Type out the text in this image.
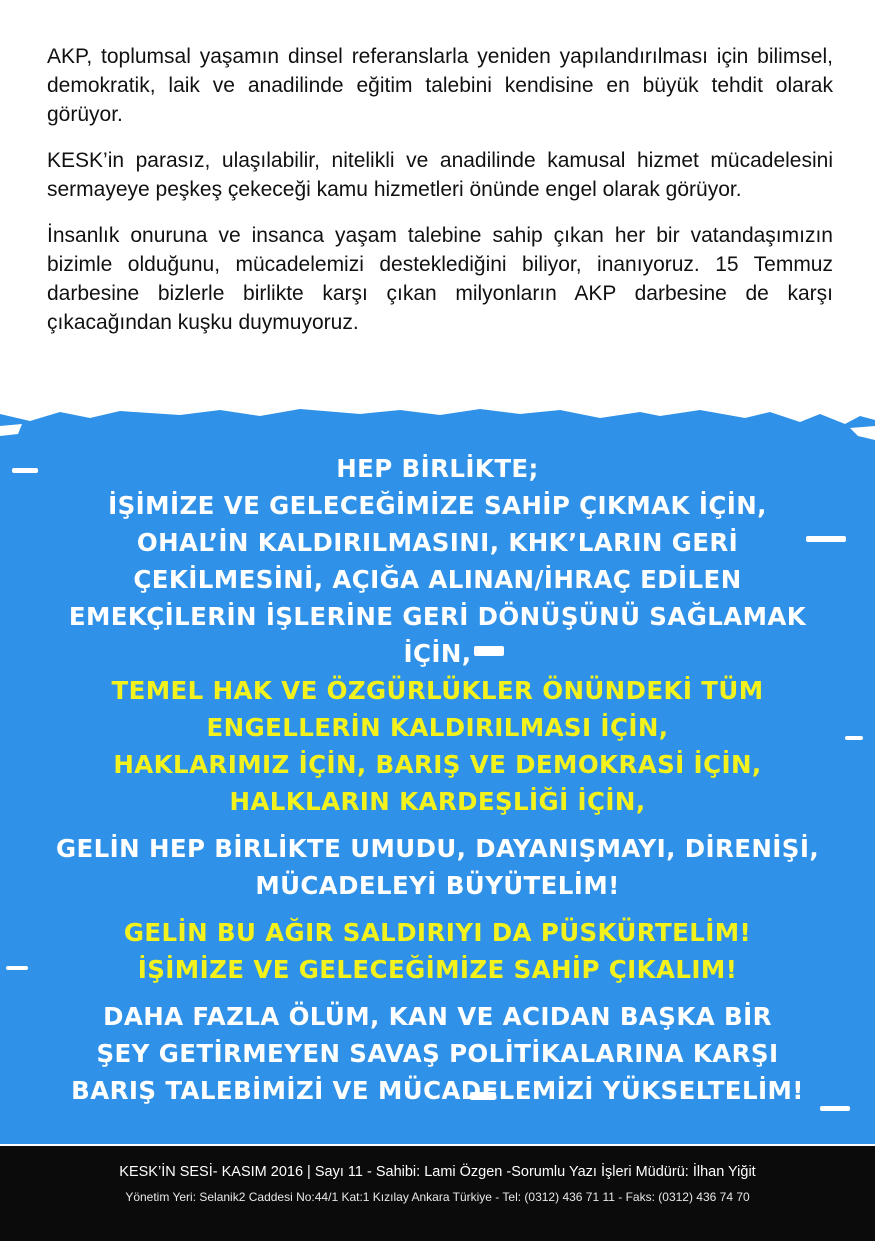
AKP, toplumsal yaşamın dinsel referanslarla yeniden yapılandırılması için bilimsel, demokratik, laik ve anadilinde eğitim talebini kendisine en büyük tehdit olarak görüyor.

KESK’in parasız, ulaşılabilir, nitelikli ve anadilinde kamusal hizmet mücadelesini sermayeye peşkeş çekeceği kamu hizmetleri önünde engel olarak görüyor.

İnsanlık onuruna ve insanca yaşam talebine sahip çıkan her bir vatandaşımızın bizimle olduğunu, mücadelemizi desteklediğini biliyor, inanıyoruz. 15 Temmuz darbesine bizlerle birlikte karşı çıkan milyonların AKP darbesine de karşı çıkacağından kuşku duymuyoruz.

HEP BİRLİKTE;
İŞİMİZE VE GELECEĞİMİZE SAHİP ÇIKMAK İÇİN,
OHAL’İN KALDIRILMASINI, KHK’LARIN GERİ
ÇEKİLMESİNİ, AÇIĞA ALINAN/İHRAÇ EDİLEN
EMEKÇİLERİN İŞLERİNE GERİ DÖNÜŞÜNÜ SAĞLAMAK
İÇİN,
TEMEL HAK VE ÖZGÜRLÜKLER ÖNÜNDEKİ TÜM
ENGELLERİN KALDIRILMASI İÇİN,
HAKLARIMIZ İÇİN, BARIŞ VE DEMOKRASİ İÇİN,
HALKLARIN KARDEŞLİĞİ İÇİN,
GELİN HEP BİRLİKTE UMUDU, DAYANIŞMAYI, DİRENİŞİ,
MÜCADELEYİ BÜYÜTELİM!
GELİN BU AĞIR SALDIRIYI DA PÜSKÜRTELİM!
İŞİMİZE VE GELECEĞİMİZE SAHİP ÇIKALIM!
DAHA FAZLA ÖLÜM, KAN VE ACIDAN BAŞKA BİR
ŞEY GETİRMEYEN SAVAŞ POLİTİKALARINA KARŞI
BARIŞ TALEBİMİZİ VE MÜCADELEMİZİ YÜKSELTELİM!
KESK’İN SESİ- KASIM 2016 | Sayı 11 - Sahibi: Lami Özgen -Sorumlu Yazı İşleri Müdürü: İlhan Yiğit
Yönetim Yeri: Selanik2 Caddesi No:44/1 Kat:1 Kızılay Ankara Türkiye - Tel: (0312) 436 71 11 - Faks: (0312) 436 74 70
